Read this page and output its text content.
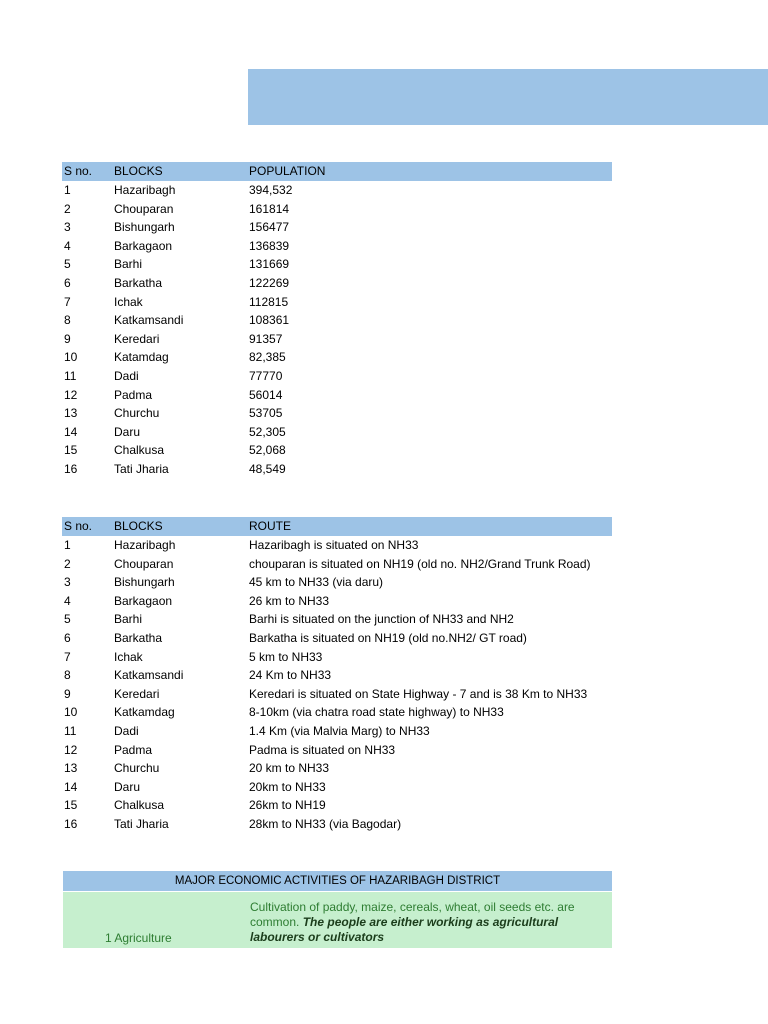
S no. BLOCKS	POPULATION
1	Hazaribagh	394,532
2	Chouparan	161814
3	Bishungarh	156477
4	Barkagaon	136839
5	Barhi	131669
6	Barkatha	122269
7	Ichak	112815
8	Katkamsandi	108361
9	Keredari	91357
10	Katamdag	82,385
11	Dadi	77770
12	Padma	56014
13	Churchu	53705
14	Daru	52,305
15	Chalkusa	52,068
16	Tati Jharia	48,549
S no. BLOCKS	ROUTE
1	Hazaribagh	Hazaribagh is situated on NH33
2	Chouparan	chouparan is situated on NH19 (old no. NH2/Grand Trunk Road)
3	Bishungarh	45 km to NH33 (via daru)
4	Barkagaon	26 km to NH33
5	Barhi	Barhi is situated on the junction of NH33 and NH2
6	Barkatha	Barkatha is situated on NH19 (old no.NH2/ GT road)
7	Ichak	5 km to NH33
8	Katkamsandi	24 Km to NH33
9	Keredari	Keredari is situated on State Highway - 7 and is 38 Km to NH33
10	Katkamdag	8-10km (via chatra road state highway) to NH33
11	Dadi	1.4 Km (via Malvia Marg) to NH33
12	Padma	Padma is situated on NH33
13	Churchu	20 km to NH33
14	Daru	20km to NH33
15	Chalkusa	26km to NH19
16	Tati Jharia	28km to NH33 (via Bagodar)
MAJOR ECONOMIC ACTIVITIES OF HAZARIBAGH DISTRICT
1 Agriculture
Cultivation of paddy, maize, cereals, wheat, oil seeds etc. are common. The people are either working as agricultural labourers or cultivators
